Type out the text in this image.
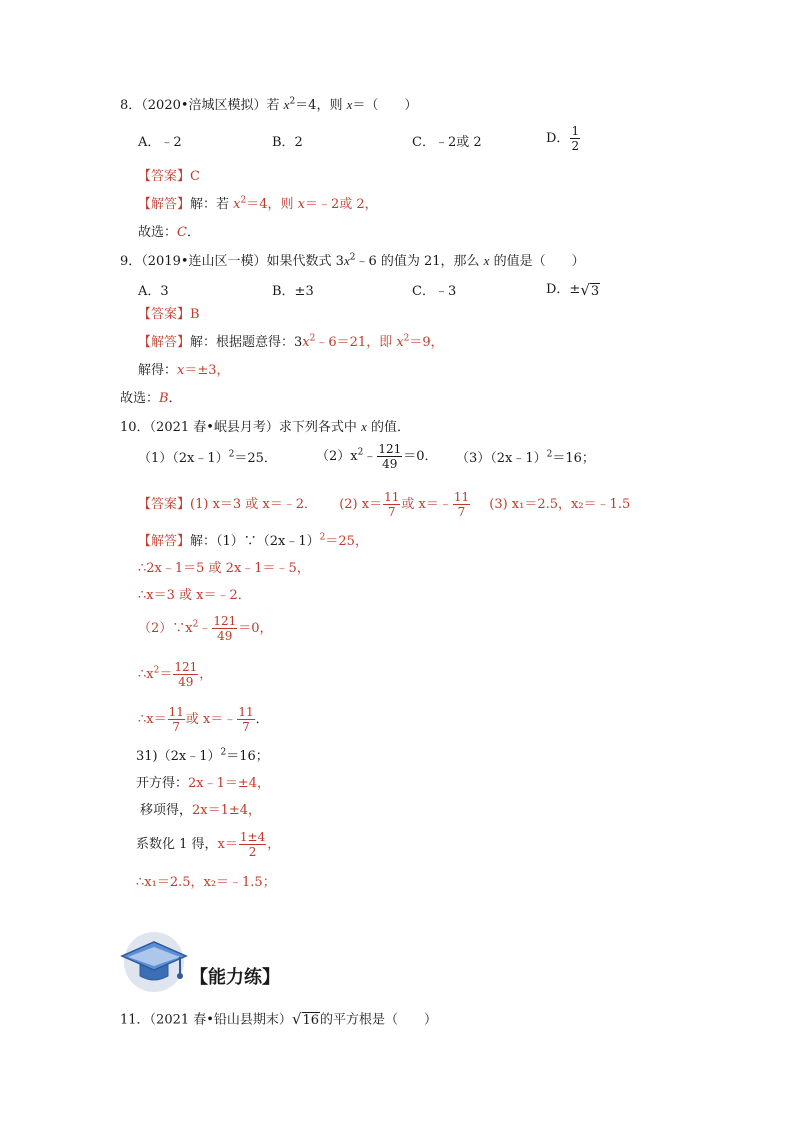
8．（2020•涪城区模拟）若 $x^2=4$，则 x＝（　　）
A．﹣2	B．2	C．﹣2或 2	D． $\frac{1}{2}$
【答案】C
【解答】解：若 $x^2=4$，则 x＝﹣2或 2，
故选：C．
9．（2019•连山区一模）如果代数式 $3x^2﹣6$ 的值为 21，那么 x 的值是（　　）
A．3	B．±3	C．﹣3	D．±√3
【答案】B
【解答】解：根据题意得：$3x^2﹣6=21$，即 $x^2=9$，
解得：x＝±3，
故选：B．
10．（2021 春•岷县月考）求下列各式中 x 的值．
（1）（2x﹣1）$^2$＝25．	$(2)x^2﹣ \frac{121}{49} =0$． （3）（2x﹣1）$^2$＝16；
【答案】(1) x＝3 或 x＝﹣2． (2) $x= \frac{11}{7}$ 或 x＝﹣ $\frac{11}{7} (3)$ x₁＝2.5，x₂＝﹣1.5
【解答】解：（1）∵（2x﹣1）$^2$＝25，
∴2x﹣1＝5 或 2x﹣1＝﹣5，
∴x＝3 或 x＝﹣2．
$(2)\because x^2﹣ \frac{121}{49} =0$，
$\therefore x^2= \frac{121}{49}$ ，
∴x＝ $\frac{11}{7}$ 或 x＝﹣ $\frac{11}{7}$ ．
31)（2x﹣1）$^2$＝16；
开方得：2x﹣1＝±4，
移项得，2x＝1±4，
系数化 1 得，$x= \frac{1\pm 4}{2}$ ，
∴x₁＝2.5，x₂＝﹣1.5；
【能力练】
11．（2021 春•铅山县期末）√16的平方根是（　　）
